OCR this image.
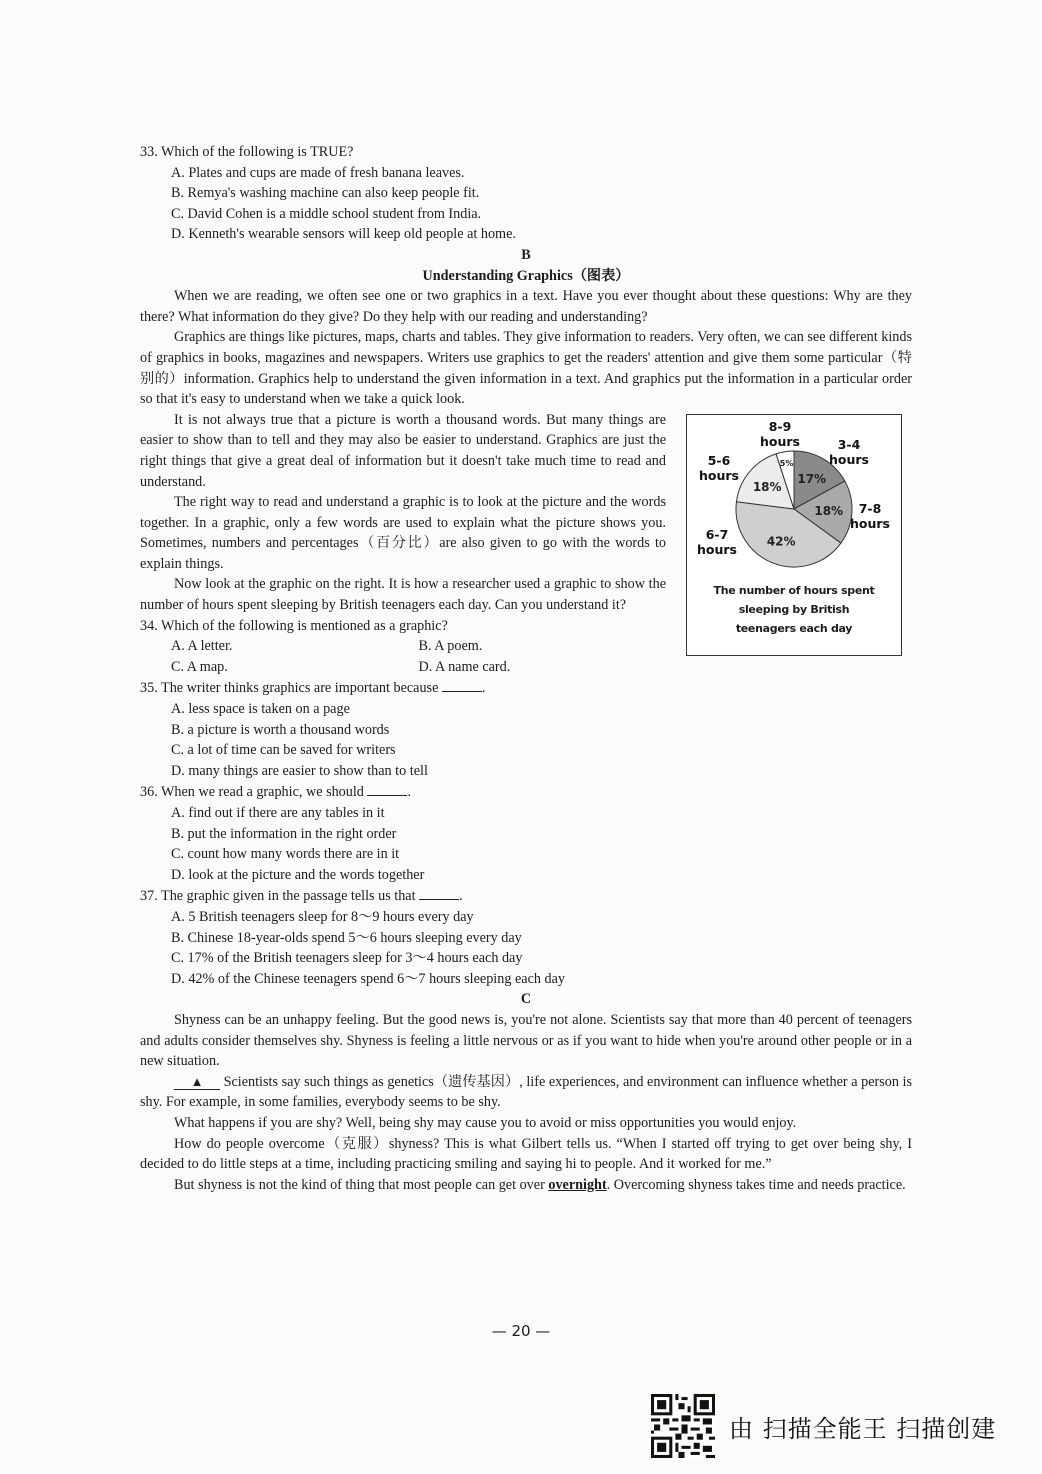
33. Which of the following is TRUE?

A. Plates and cups are made of fresh banana leaves.

B. Remya's washing machine can also keep people fit.

C. David Cohen is a middle school student from India.

D. Kenneth's wearable sensors will keep old people at home.

B

Understanding Graphics（图表）

When we are reading, we often see one or two graphics in a text. Have you ever thought about these questions: Why are they there? What information do they give? Do they help with our reading and understanding?

Graphics are things like pictures, maps, charts and tables. They give information to readers. Very often, we can see different kinds of graphics in books, magazines and newspapers. Writers use graphics to get the readers' attention and give them some particular（特别的）information. Graphics help to understand the given information in a text. And graphics put the information in a particular order so that it's easy to understand when we take a quick look.

It is not always true that a picture is worth a thousand words. But many things are easier to show than to tell and they may also be easier to understand. Graphics are just the right things that give a great deal of information but it doesn't take much time to read and understand.

The right way to read and understand a graphic is to look at the picture and the words together. In a graphic, only a few words are used to explain what the picture shows you. Sometimes, numbers and percentages（百分比）are also given to go with the words to explain things.

Now look at the graphic on the right. It is how a researcher used a graphic to show the number of hours spent sleeping by British teenagers each day. Can you understand it?

34. Which of the following is mentioned as a graphic?

A. A letter.	B. A poem.
C. A map.	D. A name card.
17%
3-4
hours
18% 7-8
hours
42%
6-7
hours
18%
5-6
hours
5%
8-9
hours
The number of hours spent
sleeping by British
teenagers each day

35. The writer thinks graphics are important because	.

A. less space is taken on a page

B. a picture is worth a thousand words

C. a lot of time can be saved for writers

D. many things are easier to show than to tell

36. When we read a graphic, we should	.

A. find out if there are any tables in it

B. put the information in the right order

C. count how many words there are in it

D. look at the picture and the words together

37. The graphic given in the passage tells us that	.

A. 5 British teenagers sleep for 8～9 hours every day

B. Chinese 18-year-olds spend 5～6 hours sleeping every day

C. 17% of the British teenagers sleep for 3～4 hours each day

D. 42% of the Chinese teenagers spend 6～7 hours sleeping each day

C

Shyness can be an unhappy feeling. But the good news is, you're not alone. Scientists say that more than 40 percent of teenagers and adults consider themselves shy. Shyness is feeling a little nervous or as if you want to hide when you're around other people or in a new situation.

▲ Scientists say such things as genetics（遗传基因）, life experiences, and environment can influence whether a person is shy. For example, in some families, everybody seems to be shy.

What happens if you are shy? Well, being shy may cause you to avoid or miss opportunities you would enjoy.

How do people overcome（克服）shyness? This is what Gilbert tells us. “When I started off trying to get over being shy, I decided to do little steps at a time, including practicing smiling and saying hi to people. And it worked for me.”

But shyness is not the kind of thing that most people can get over overnight. Overcoming shyness takes time and needs practice.

— 20 —
由 扫描全能王 扫描创建
